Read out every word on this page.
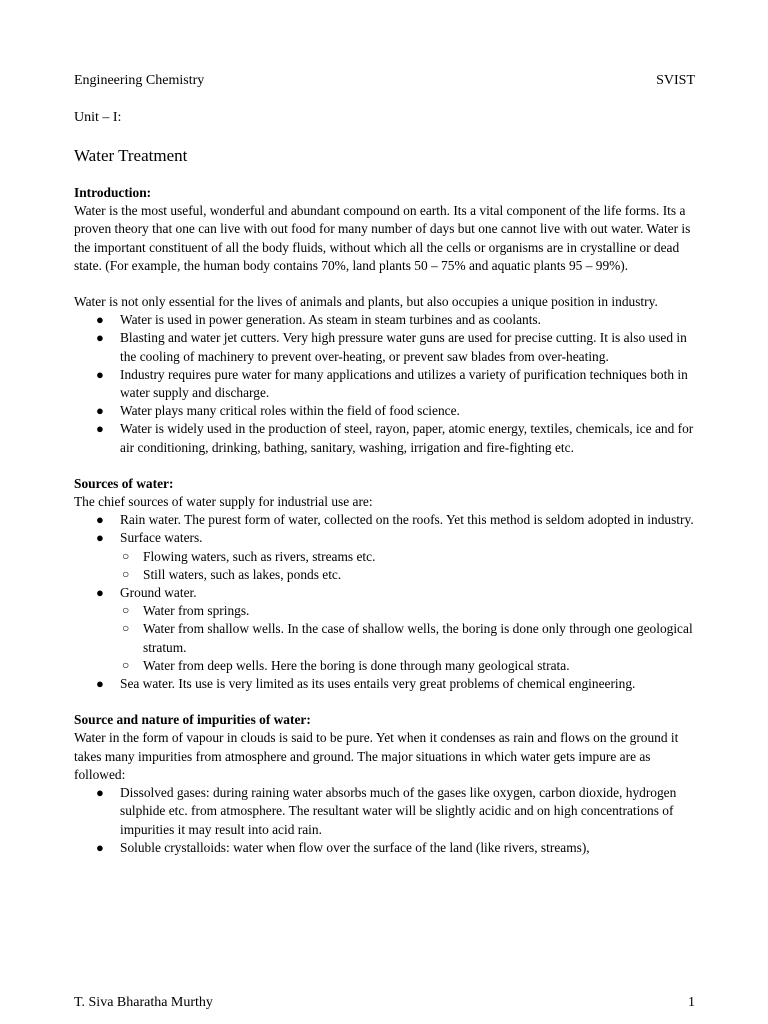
Engineering Chemistry	SVIST
Unit – I:
Water Treatment

Introduction:

Water is the most useful, wonderful and abundant compound on earth. Its a vital component of the life forms. Its a proven theory that one can live with out food for many number of days but one cannot live with out water. Water is the important constituent of all the body fluids, without which all the cells or organisms are in crystalline or dead state. (For example, the human body contains 70%, land plants 50 – 75% and aquatic plants 95 – 99%).

Water is not only essential for the lives of animals and plants, but also occupies a unique position in industry.

● Water is used in power generation. As steam in steam turbines and as coolants.
● Blasting and water jet cutters. Very high pressure water guns are used for precise cutting. It is also used in the cooling of machinery to prevent over-heating, or prevent saw blades from over-heating.
● Industry requires pure water for many applications and utilizes a variety of purification techniques both in water supply and discharge.
● Water plays many critical roles within the field of food science.
● Water is widely used in the production of steel, rayon, paper, atomic energy, textiles, chemicals, ice and for air conditioning, drinking, bathing, sanitary, washing, irrigation and fire-fighting etc.

Sources of water:

The chief sources of water supply for industrial use are:

● Rain water. The purest form of water, collected on the roofs. Yet this method is seldom adopted in industry.
● Surface waters.
○ Flowing waters, such as rivers, streams etc.
○ Still waters, such as lakes, ponds etc.
● Ground water.
○ Water from springs.
○ Water from shallow wells. In the case of shallow wells, the boring is done only through one geological stratum.
○ Water from deep wells. Here the boring is done through many geological strata.
● Sea water. Its use is very limited as its uses entails very great problems of chemical engineering.

Source and nature of impurities of water:

Water in the form of vapour in clouds is said to be pure. Yet when it condenses as rain and flows on the ground it takes many impurities from atmosphere and ground. The major situations in which water gets impure are as followed:

● Dissolved gases: during raining water absorbs much of the gases like oxygen, carbon dioxide, hydrogen sulphide etc. from atmosphere. The resultant water will be slightly acidic and on high concentrations of impurities it may result into acid rain.
● Soluble crystalloids: water when flow over the surface of the land (like rivers, streams),
T. Siva Bharatha Murthy	1
